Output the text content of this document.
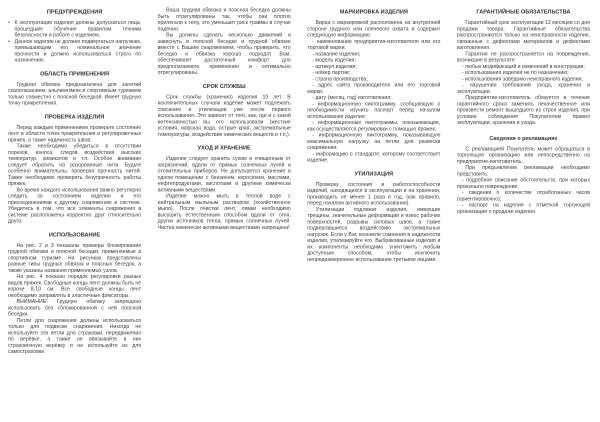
ПРЕДУПРЕЖДЕНИЯ

• К эксплуатации изделия должны допускаться лица, прошедшие обучение правилам техники безопасности и работе с изделием.

• Данное изделие не должно подвергаться нагрузкам, превышающим его номинальное значение прочности и должно использоваться строго по назначению.

ОБЛАСТЬ ПРИМЕНЕНИЯ

Грудная обвязка предназначена для занятий скалолазанием, альпинизмом и спортивным туризмом только совместно с поясной беседкой. Имеет грудную точку прикрепления.

ПРОВЕРКА ИЗДЕЛИЯ

Перед каждым применением проверьте состояние лент в области точек прикрепления и регулировочных пряжек, а также надежность швов.

Также необходимо убедиться в отсутствии порезов, износа, следов воздействия высоких температур, химикатов и т.п. Особое внимание следует обратить на разорванные нити. Будьте особенно внимательны, проверяя прочность нитей. Также необходимо проверить безупречность работы пряжек.

Во время каждого использования важно регулярно следить за состоянием изделия и его присоединениями к другому снаряжению в системе. Убедитесь в том, что все элементы снаряжения в системе расположены корректно друг относительно друга.

ИСПОЛЬЗОВАНИЕ

На рис. 2 и 3 показаны примеры блокирования грудной обвязки и поясной беседки, применяемые в спортивном туризме. На рисунках представлены разные типы грудных обвязок и поясных беседок, а также указаны названия применяемых узлов.

На рис. 4 показан порядок регулировки разных видов пряжек. Свободные концы лент должны быть не короче 8-10 см. Все свободные концы лент необходимо заправлять в эластичные фиксаторы.

ВНИМАНИЕ! Грудную обвязку запрещено использовать без сблокированной с ней поясной беседки.

Петли для снаряжения должны использоваться только для подвески снаряжения. Никогда не используйте эти петли для страховки, передвижения по верёвке, а также не ввязывайте в них страховочную верёвку и не используйте их для самостраховки.

Ваша грудная обвязка и поясная беседка должны быть отрегулированы так, чтобы они плотно прилегали к телу, это уменьшит риск травмы в случае падения.

Вы должны сделать несколько движений и зависнуть в поясной беседке и грудной обвязке вместе с Вашим снаряжением, чтобы проверить, что беседка и обвязка хорошо подходят Вам, обеспечивают достаточный комфорт для предполагаемого применения и оптимально отрегулированы.

СРОК СЛУЖБЫ

Срок службы (хранения) изделия 10 лет. В исключительных случаях изделие может подлежать списанию и утилизации уже после первого использования. Это зависит от того, как, где и с какой интенсивностью вы его использовали (жесткие условия, морская вода, острые края, экстремальные температуры, воздействие химических веществ и т.п.).

УХОД И ХРАНЕНИЕ

Изделие следует хранить сухим и очищенным от загрязнений, вдали от прямых солнечных лучей и отопительных приборов. Не допускается хранение в одном помещении с бензином, керосином, маслами, нефтепродуктами, кислотами и другими химически активными веществами.

Изделие можно мыть в теплой воде с нейтральным мыльным раствором (хозяйственное мыло). После очистки лент, лямки необходимо высушить естественным способом вдали от огня, других источников тепла, прямых солнечных лучей. Чистка химически активными веществами запрещена!

МАРКИРОВКА ИЗДЕЛИЯ

Бирка с маркировкой расположена на внутренней стороне грудного или плечевого охвата и содержит следующую информацию:

- наименование предприятия-изготовителя или его торговой марки;

- название изделия;

- модель изделия;

- артикул изделия;

- номер партии;

- страна производства;

- адрес сайта производителя или его торговой марки;

- дату (месяц, год) изготовления;

- информационную пиктограмму, сообщающую о необходимости изучить паспорт перед началом использования изделия;

- информационные пиктограммы, показывающие, как осуществляются регулировки с помощью пряжек;

- информационную пиктограмму, показывающую максимальную нагрузку на петли для развески снаряжения;

- информацию о стандарте, которому соответствует изделие.

УТИЛИЗАЦИЯ

Проверку состояния и работоспособности изделий, находящихся в эксплуатации и на хранении, производить не менее 1 раза в год, (как правило, перед началом активного использования).

Утилизации подлежат изделия, имеющие трещины, значительные деформации и износ рабочих поверхностей, разрывы силовых швов, а также подвергавшиеся воздействию экстремальных нагрузок. Если у Вас возникли сомнения в надежности изделия, утилизируйте его. Выбракованные изделия и их компоненты необходимо уничтожить любым доступным способом, чтобы исключить непреднамеренное использование третьими лицами.

ГАРАНТИЙНЫЕ ОБЯЗАТЕЛЬСТВА

Гарантийный срок эксплуатации 12 месяцев со дня продажи товара. Гарантийные обязательства распространяются только на неисправности изделия, связанные с дефектами материалов и дефектами изготовления.

Гарантия не распространяется на повреждения, возникшие в результате:

- любых модификаций и изменений в конструкции;

- использования изделия не по назначению;

- использования заведомо неисправного изделия;

- нарушения требований ухода, хранения и эксплуатации.

Предприятие-изготовитель обязуется в течение гарантийного срока заменить некачественное или произвести ремонт вышедшего из строя изделия, при условии соблюдения Покупателем правил эксплуатации, хранения и ухода.

Сведения о рекламациях

С рекламацией Покупатель может обращаться в торгующую организацию или непосредственно на предприятие-изготовитель.

При предъявлении рекламации необходимо представить:

- подробное описание обстоятельств, при которых произошло повреждение;

- сведения о количестве отработанных часов (ориентировочно);

- паспорт на изделие с отметкой торгующей организации о продаже изделия.
